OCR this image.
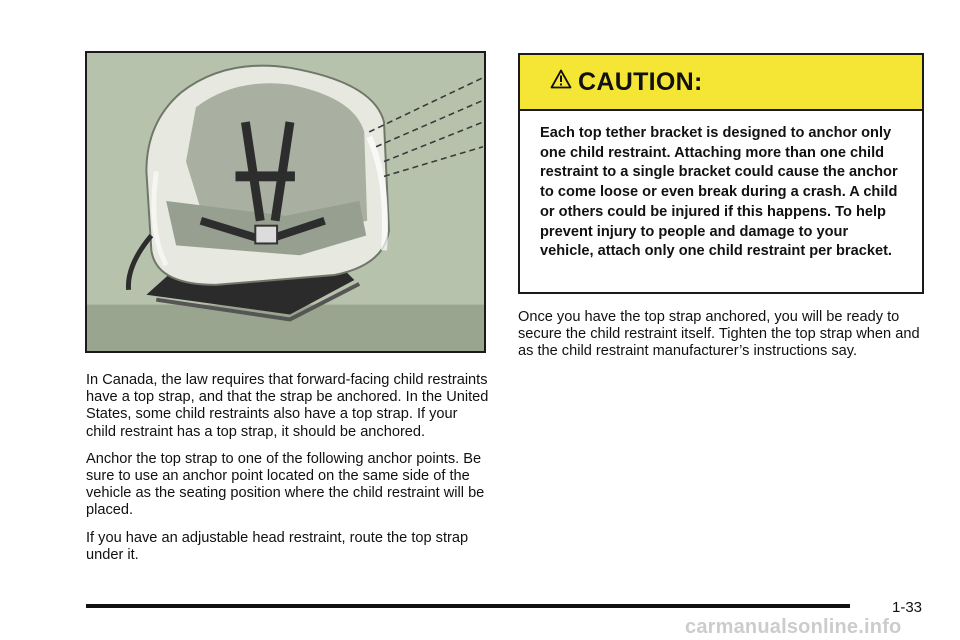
In Canada, the law requires that forward-facing child restraints have a top strap, and that the strap be anchored. In the United States, some child restraints also have a top strap. If your child restraint has a top strap, it should be anchored.

Anchor the top strap to one of the following anchor points. Be sure to use an anchor point located on the same side of the vehicle as the seating position where the child restraint will be placed.

If you have an adjustable head restraint, route the top strap under it.

CAUTION:
Each top tether bracket is designed to anchor only one child restraint. Attaching more than one child restraint to a single bracket could cause the anchor to come loose or even break during a crash. A child or others could be injured if this happens. To help prevent injury to people and damage to your vehicle, attach only one child restraint per bracket.

Once you have the top strap anchored, you will be ready to secure the child restraint itself. Tighten the top strap when and as the child restraint manufacturer’s instructions say.

1-33
carmanualsonline.info
